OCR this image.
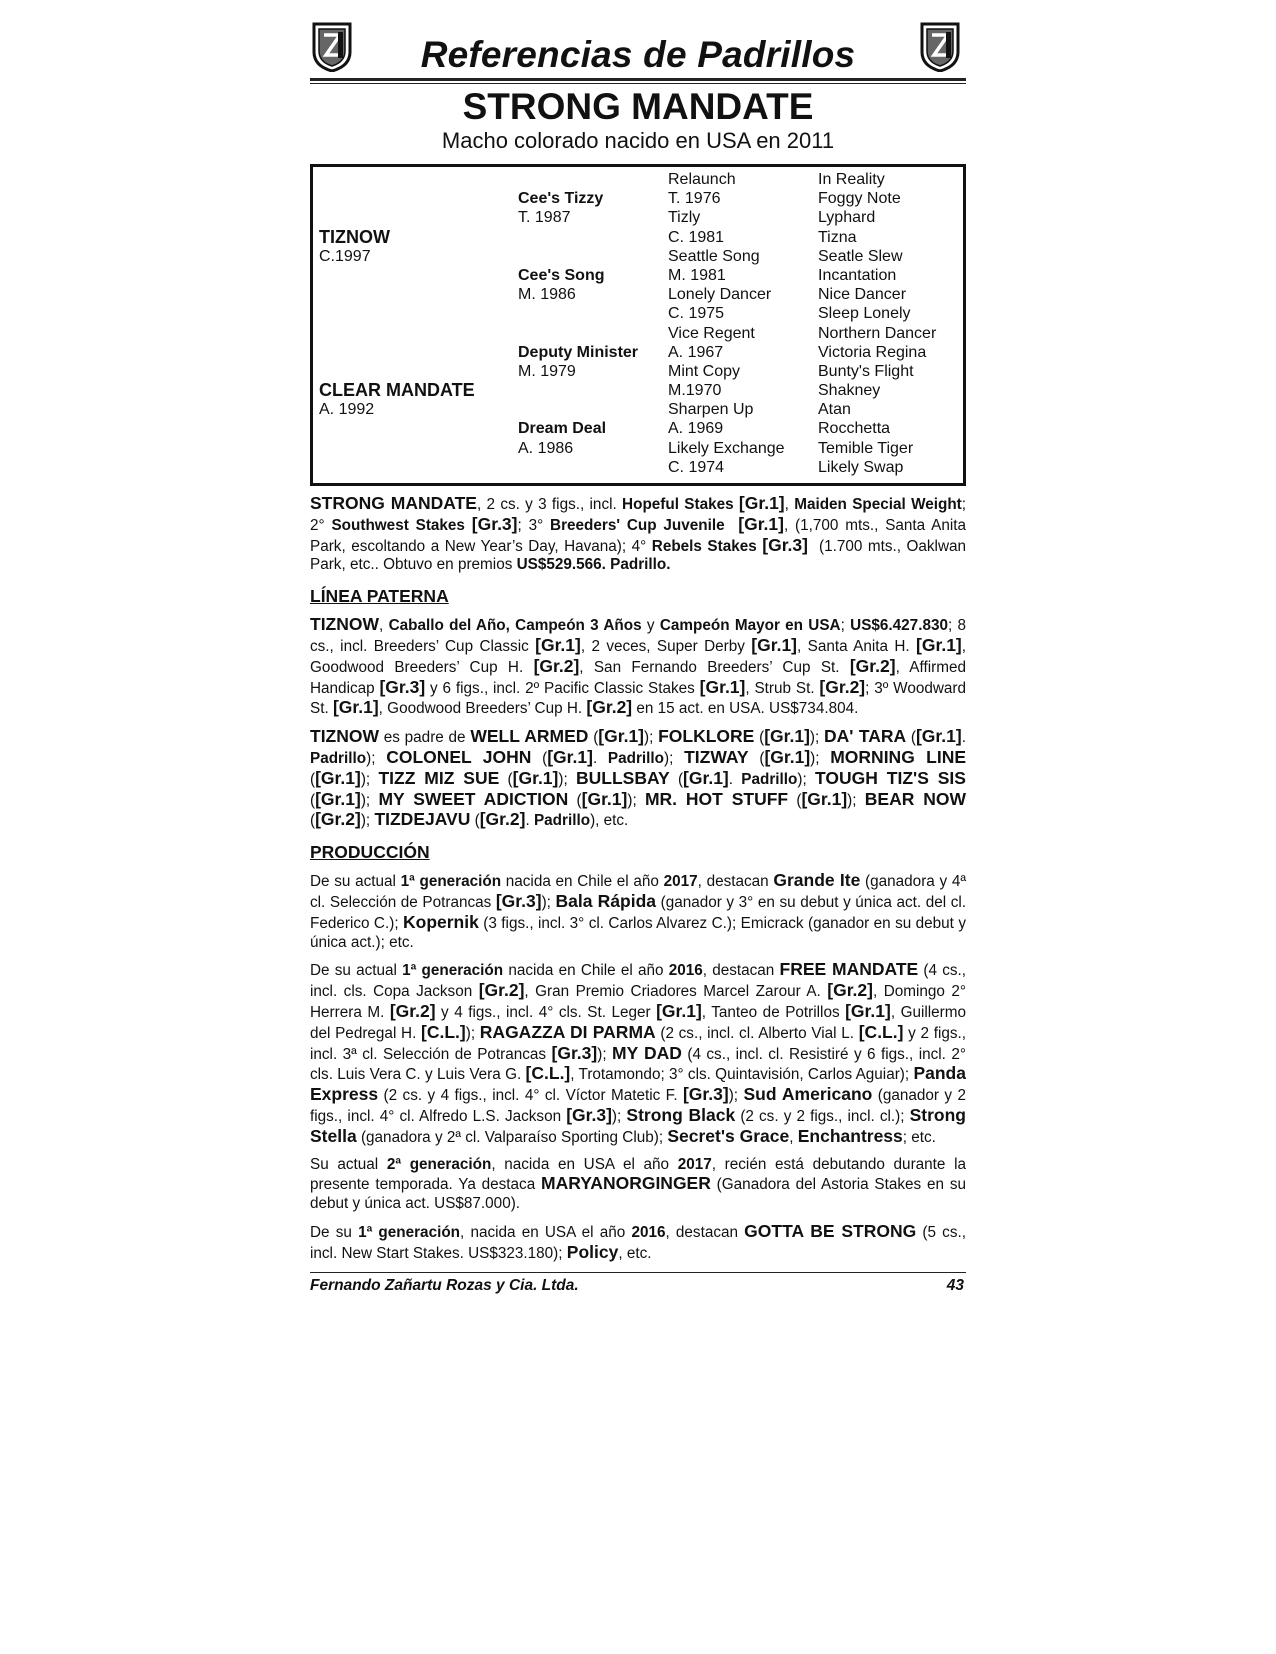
Referencias de Padrillos
STRONG MANDATE
Macho colorado nacido en USA en 2011
TIZNOW
C.1997
CLEAR MANDATE
A. 1992
Cee's Tizzy
T. 1987
Cee's Song
M. 1986
Deputy Minister
M. 1979
Dream Deal
A. 1986
Relaunch
T. 1976
Tizly
C. 1981
Seattle Song
M. 1981
Lonely Dancer
C. 1975
Vice Regent
A. 1967
Mint Copy
M.1970
Sharpen Up
A. 1969
Likely Exchange
C. 1974
In Reality
Foggy Note
Lyphard
Tizna
Seatle Slew
Incantation
Nice Dancer
Sleep Lonely
Northern Dancer
Victoria Regina
Bunty's Flight
Shakney
Atan
Rocchetta
Temible Tiger
Likely Swap

STRONG MANDATE, 2 cs. y 3 figs., incl. Hopeful Stakes [Gr.1], Maiden Special Weight; 2° Southwest Stakes [Gr.3]; 3° Breeders' Cup Juvenile [Gr.1], (1,700 mts., Santa Anita Park, escoltando a New Year’s Day, Havana); 4° Rebels Stakes [Gr.3]  (1.700 mts., Oaklwan Park, etc.. Obtuvo en premios US$529.566. Padrillo.

LÍNEA PATERNA

TIZNOW, Caballo del Año, Campeón 3 Años y Campeón Mayor en USA; US$6.427.830; 8 cs., incl. Breeders’ Cup Classic [Gr.1], 2 veces, Super Derby [Gr.1], Santa Anita H. [Gr.1], Goodwood Breeders’ Cup H. [Gr.2], San Fernando Breeders’ Cup St. [Gr.2], Affirmed Handicap [Gr.3] y 6 figs., incl. 2º Pacific Classic Stakes [Gr.1], Strub St. [Gr.2]; 3º Woodward St. [Gr.1], Goodwood Breeders’ Cup H. [Gr.2] en 15 act. en USA. US$734.804.

TIZNOW es padre de WELL ARMED ([Gr.1]); FOLKLORE ([Gr.1]); DA' TARA ([Gr.1]. Padrillo); COLONEL JOHN ([Gr.1]. Padrillo); TIZWAY ([Gr.1]); MORNING LINE ([Gr.1]); TIZZ MIZ SUE ([Gr.1]); BULLSBAY ([Gr.1]. Padrillo); TOUGH TIZ'S SIS ([Gr.1]); MY SWEET ADICTION ([Gr.1]); MR. HOT STUFF ([Gr.1]); BEAR NOW ([Gr.2]); TIZDEJAVU ([Gr.2]. Padrillo), etc.

PRODUCCIÓN

De su actual 1ª generación nacida en Chile el año 2017, destacan Grande Ite (ganadora y 4ª cl. Selección de Potrancas [Gr.3]); Bala Rápida (ganador y 3° en su debut y única act. del cl. Federico C.); Kopernik (3 figs., incl. 3° cl. Carlos Alvarez C.); Emicrack (ganador en su debut y única act.); etc.

De su actual 1ª generación nacida en Chile el año 2016, destacan FREE MANDATE (4 cs., incl. cls. Copa Jackson [Gr.2], Gran Premio Criadores Marcel Zarour A. [Gr.2], Domingo 2° Herrera M. [Gr.2] y 4 figs., incl. 4° cls. St. Leger [Gr.1], Tanteo de Potrillos [Gr.1], Guillermo del Pedregal H. [C.L.]); RAGAZZA DI PARMA (2 cs., incl. cl. Alberto Vial L. [C.L.] y 2 figs., incl. 3ª cl. Selección de Potrancas [Gr.3]); MY DAD (4 cs., incl. cl. Resistiré y 6 figs., incl. 2° cls. Luis Vera C. y Luis Vera G. [C.L.], Trotamondo; 3° cls. Quintavisión, Carlos Aguiar); Panda Express (2 cs. y 4 figs., incl. 4° cl. Víctor Matetic F. [Gr.3]); Sud Americano (ganador y 2 figs., incl. 4° cl. Alfredo L.S. Jackson [Gr.3]); Strong Black (2 cs. y 2 figs., incl. cl.); Strong Stella (ganadora y 2ª cl. Valparaíso Sporting Club); Secret's Grace, Enchantress; etc.

Su actual 2ª generación, nacida en USA el año 2017, recién está debutando durante la presente temporada. Ya destaca MARYANORGINGER (Ganadora del Astoria Stakes en su debut y única act. US$87.000).

De su 1ª generación, nacida en USA el año 2016, destacan GOTTA BE STRONG (5 cs., incl. New Start Stakes. US$323.180); Policy, etc.

Fernando Zañartu Rozas y Cia. Ltda.	43
